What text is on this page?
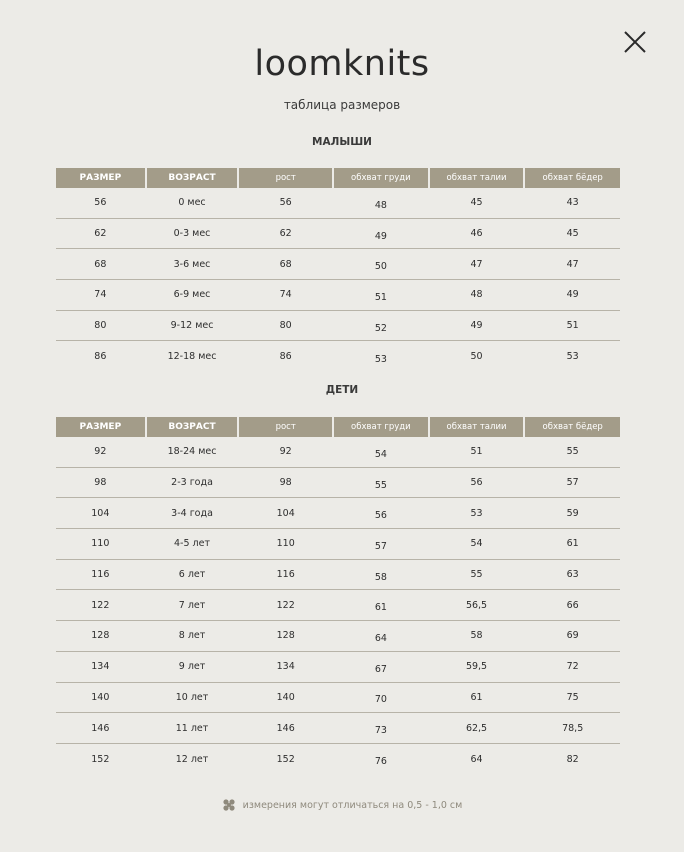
loomknits
таблица размеров
МАЛЫШИ
РАЗМЕР	ВОЗРАСТ	рост	обхват груди	обхват талии	обхват бёдер
56	0 мес	56	48	45	43
62	0-3 мес	62	49	46	45
68	3-6 мес	68	50	47	47
74	6-9 мес	74	51	48	49
80	9-12 мес	80	52	49	51
86	12-18 мес	86	53	50	53
ДЕТИ
РАЗМЕР	ВОЗРАСТ	рост	обхват груди	обхват талии	обхват бёдер
92	18-24 мес	92	54	51	55
98	2-3 года	98	55	56	57
104	3-4 года	104	56	53	59
110	4-5 лет	110	57	54	61
116	6 лет	116	58	55	63
122	7 лет	122	61	56,5	66
128	8 лет	128	64	58	69
134	9 лет	134	67	59,5	72
140	10 лет	140	70	61	75
146	11 лет	146	73	62,5	78,5
152	12 лет	152	76	64	82
измерения могут отличаться на 0,5 - 1,0 см
